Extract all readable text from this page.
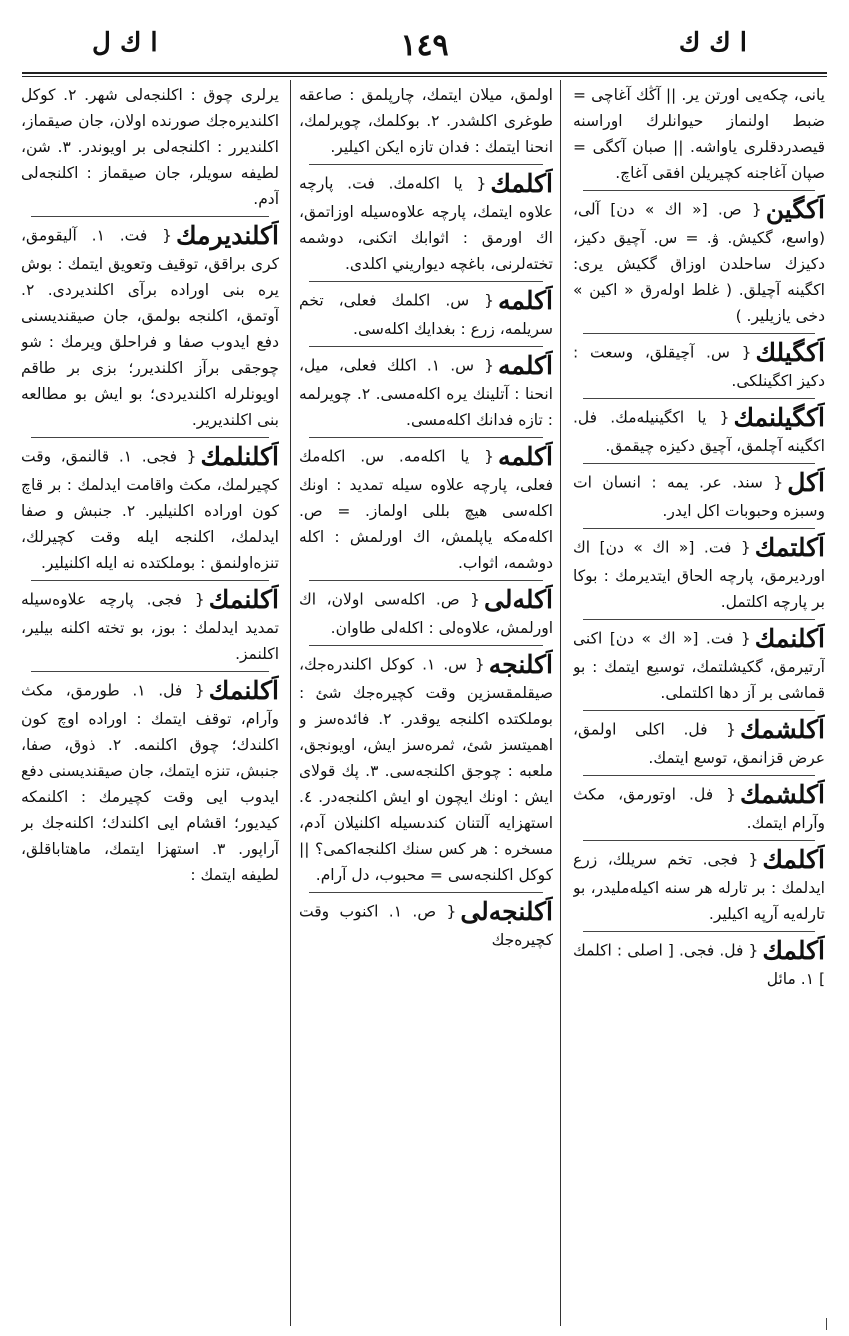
ا ك ل	١٤٩	ا ك ك
يانى، چكه‌يى اورتن ير. || آڭك آغاچى = ضبط اولنماز حيوانلرك اوراسنه قيصدردقلرى ياواشه. || صبان آكگى = صپان آغاجنه كچيريلن افقى آغاچ.
اَكگين{ ص. [« اك » دن] آلى، (واسع، گكيش. ۋ. = س. آچيق دكيز، دكيزك سا‌حلدن اوزاق گكيش يرى: اكگينه آچيلق. ( غلط اولەرق « اكين » دخى يازيلير. )
اَكگيلك{ س. آچيقلق، وسعت : دكيز اكگينلكى.
اَكگيلنمك{ يا اكگينيلەمك. فل. اكگينه آچلمق، آچيق دكيزه چيقمق.
اَكل{ سند. عر. يمه : انسان ات وسبزه وحبوبات اكل ايدر.
اَكلتمك{ فت. [« اك » دن] اك اوردیرمق، پارچه الحاق ايتدیرمك : بوكا بر پارچه اكلتمل.
اَكلنمك{ فت. [« اك » دن] اكنى آرتيرمق، گكيشلتمك، توسيع ايتمك : بو قماشى بر آز دها اكلتملى.
اَكلشمك{ فل. اكلى اولمق، عرض قزانمق، توسع ايتمك.
اَكلشمك{ فل. اوتورمق، مكث وآرام ايتمك.
اَكلمك{ فجى. تخم سريلك، زرع ايدلمك : بر تارلە هر سنه اكيلەمليدر، بو تارلەيه آرپه اكيلير.
اَكلمك{ فل. فجى. [ اصلى : اكلمك ] ١. مائل
اولمق، ميلان ايتمك، چارپلمق : صاعقه طوغرى اكلشدر. ٢. بوكلمك، چويرلمك، انحنا ايتمك : فدان تازه ايكن اكيلير.
اَكلمك{ يا اكلەمك. فت. پارچه علاوه ايتمك، پارچه علاوه‌سيله اوزاتمق، اك اورمق : اثوابك اتكنى، دوشمه تختەلرنى، باغچه ديواريني اكلدى.
اَكلمه{ س. اكلمك فعلى، تخم سريلمه، زرع : بغدايك اكلەسى.
اَكلمه{ س. ١. اكلك فعلى، ميل، انحنا : آتلينك يره اكلەمسى. ٢. چويرلمه : تازه فدانك اكلەمسى.
اَكلمه{ يا اكلەمه. س. اكلەمك فعلى، پارچه علاوه سيله تمديد : اونك اكلەسى هيچ بللى اولماز. = ص. اكلەمكه ياپلمش، اك اورلمش : اكله دوشمه، اثواب.
اَكلەلى{ ص. اكلەسى اولان، اك اورلمش، علاوەلى : اكلەلى طاوان.
اَكلنجه{ س. ١. كوكل اكلندرەجك، صيقلمقسزين وقت كچيرەجك شئ : بوملكتده اكلنجه يوقدر. ٢. فائده‌سز و اهميتسز شئ، ثمرەسز ايش، اويونجق، ملعبه : چوجق اكلنجه‌سى. ٣. پك قولاى ايش : اونك ايچون او ايش اكلنجه‌در. ٤. استهزايه آلتنان كندىسيله اكلنيلان آدم، مسخره : هر كس سنك اكلنجه‌اكمى؟ || كوكل اكلنجه‌سى = محبوب، دل آرام.
اَكلنجه‌لى{ ص. ١. اكنوب وقت كچيرەجك
يرلرى چوق : اكلنجه‌لى شهر. ٢. كوكل اكلنديرەجك صورنده اولان، جان صيقماز، اكلنديرر : اكلنجه‌لى بر اويوندر. ٣. شن، لطيفه سويلر، جان صيقماز : اكلنجه‌لى آدم.
اَكلنديرمك{ فت. ١. آليقومق، كرى براقق، توقيف وتعويق ايتمك : بوش يره بنى اورادە برآى اكلنديردى. ٢. آوتمق، اكلنجه بولمق، جان صيقندیسنى دفع ايدوب صفا و فراحلق ويرمك : شو چوجقى برآز اكلنديرر؛ بزى بر طاقم اويونلرله اكلنديردى؛ بو ايش بو مطالعه بنى اكلنديرير.
اَكلنلمك{ فجى. ١. قالنمق، وقت كچيرلمك، مكث واقامت ايدلمك : بر قاچ كون اوراده اكلنيلير. ٢. جنبش و صفا ايدلمك، اكلنجه ايله وقت كچيرلك، تنزەاولنمق : بوملكتده نه ايله اكلنيلير.
اَكلنمك{ فجى. پارچه علاوه‌سيله تمديد ايدلمك : بوز، بو تخته اكلنه بيلير، اكلنمز.
اَكلنمك{ فل. ١. طورمق، مكث وآرام، توقف ايتمك : اورادە اوچ كون اكلندك؛ چوق اكلنمه. ٢. ذوق، صفا، جنبش، تنزه ايتمك، جان صيقندیسنى دفع ايدوب ايى وقت كچيرمك : اكلنمكه كيديور؛ اقشام ايى اكلندك؛ اكلنەجك بر آراپور. ٣. استهزا ايتمك، ماهتاباقلق، لطيفه ايتمك :
